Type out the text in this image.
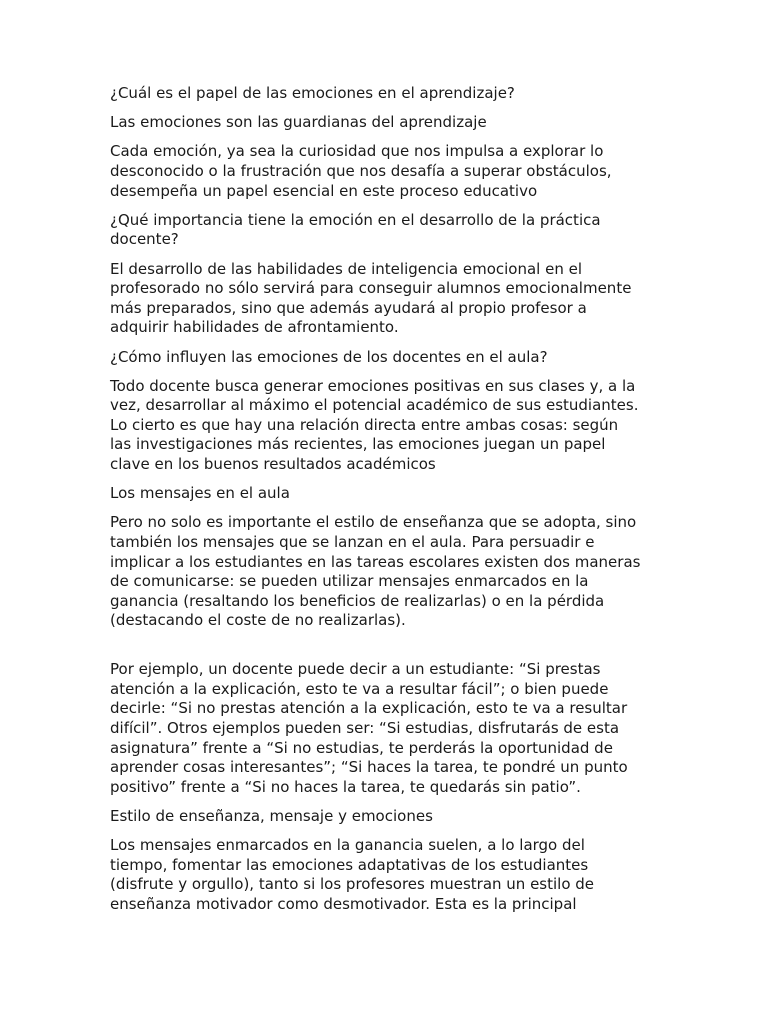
¿Cuál es el papel de las emociones en el aprendizaje?

Las emociones son las guardianas del aprendizaje

Cada emoción, ya sea la curiosidad que nos impulsa a explorar lo
desconocido o la frustración que nos desafía a superar obstáculos,
desempeña un papel esencial en este proceso educativo

¿Qué importancia tiene la emoción en el desarrollo de la práctica
docente?

El desarrollo de las habilidades de inteligencia emocional en el
profesorado no sólo servirá para conseguir alumnos emocionalmente
más preparados, sino que además ayudará al propio profesor a
adquirir habilidades de afrontamiento.

¿Cómo influyen las emociones de los docentes en el aula?

Todo docente busca generar emociones positivas en sus clases y, a la
vez, desarrollar al máximo el potencial académico de sus estudiantes.
Lo cierto es que hay una relación directa entre ambas cosas: según
las investigaciones más recientes, las emociones juegan un papel
clave en los buenos resultados académicos

Los mensajes en el aula

Pero no solo es importante el estilo de enseñanza que se adopta, sino
también los mensajes que se lanzan en el aula. Para persuadir e
implicar a los estudiantes en las tareas escolares existen dos maneras
de comunicarse: se pueden utilizar mensajes enmarcados en la
ganancia (resaltando los beneficios de realizarlas) o en la pérdida
(destacando el coste de no realizarlas).

Por ejemplo, un docente puede decir a un estudiante: “Si prestas
atención a la explicación, esto te va a resultar fácil”; o bien puede
decirle: “Si no prestas atención a la explicación, esto te va a resultar
difícil”. Otros ejemplos pueden ser: “Si estudias, disfrutarás de esta
asignatura” frente a “Si no estudias, te perderás la oportunidad de
aprender cosas interesantes”; “Si haces la tarea, te pondré un punto
positivo” frente a “Si no haces la tarea, te quedarás sin patio”.

Estilo de enseñanza, mensaje y emociones

Los mensajes enmarcados en la ganancia suelen, a lo largo del
tiempo, fomentar las emociones adaptativas de los estudiantes
(disfrute y orgullo), tanto si los profesores muestran un estilo de
enseñanza motivador como desmotivador. Esta es la principal
